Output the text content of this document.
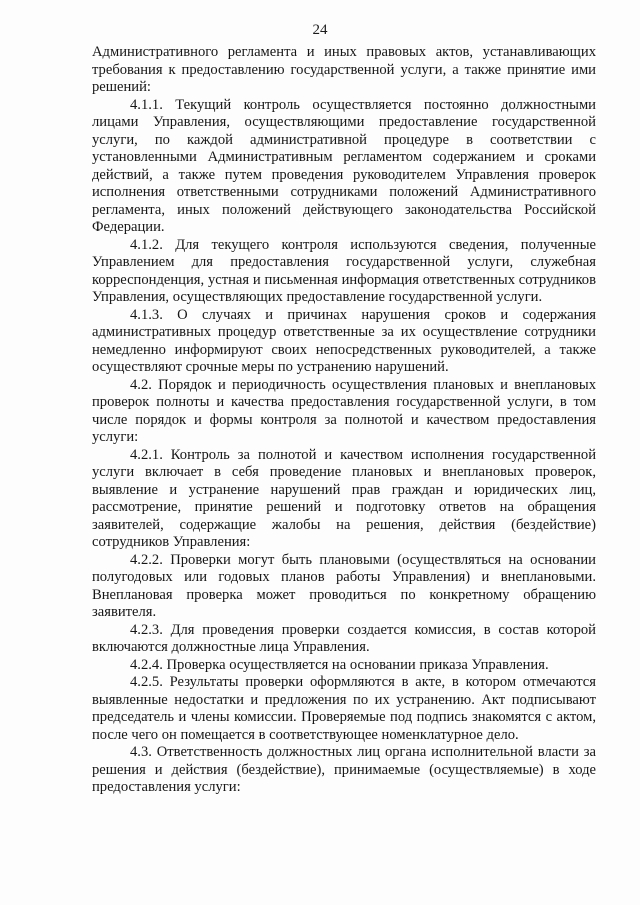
24

Административного регламента и иных правовых актов, устанавливающих требования к предоставлению государственной услуги, а также принятие ими решений:

4.1.1. Текущий контроль осуществляется постоянно должностными лицами Управления, осуществляющими предоставление государственной услуги, по каждой административной процедуре в соответствии с установленными Административным регламентом содержанием и сроками действий, а также путем проведения руководителем Управления проверок исполнения ответственными сотрудниками положений Административного регламента, иных положений действующего законодательства Российской Федерации.

4.1.2. Для текущего контроля используются сведения, полученные Управлением для предоставления государственной услуги, служебная корреспонденция, устная и письменная информация ответственных сотрудников Управления, осуществляющих предоставление государственной услуги.

4.1.3. О случаях и причинах нарушения сроков и содержания административных процедур ответственные за их осуществление сотрудники немедленно информируют своих непосредственных руководителей, а также осуществляют срочные меры по устранению нарушений.

4.2. Порядок и периодичность осуществления плановых и внеплановых проверок полноты и качества предоставления государственной услуги, в том числе порядок и формы контроля за полнотой и качеством предоставления услуги:

4.2.1. Контроль за полнотой и качеством исполнения государственной услуги включает в себя проведение плановых и внеплановых проверок, выявление и устранение нарушений прав граждан и юридических лиц, рассмотрение, принятие решений и подготовку ответов на обращения заявителей, содержащие жалобы на решения, действия (бездействие) сотрудников Управления:

4.2.2. Проверки могут быть плановыми (осуществляться на основании полугодовых или годовых планов работы Управления) и внеплановыми. Внеплановая проверка может проводиться по конкретному обращению заявителя.

4.2.3. Для проведения проверки создается комиссия, в состав которой включаются должностные лица Управления.

4.2.4. Проверка осуществляется на основании приказа Управления.

4.2.5. Результаты проверки оформляются в акте, в котором отмечаются выявленные недостатки и предложения по их устранению. Акт подписывают председатель и члены комиссии. Проверяемые под подпись знакомятся с актом, после чего он помещается в соответствующее номенклатурное дело.

4.3. Ответственность должностных лиц органа исполнительной власти за решения и действия (бездействие), принимаемые (осуществляемые) в ходе предоставления услуги:
